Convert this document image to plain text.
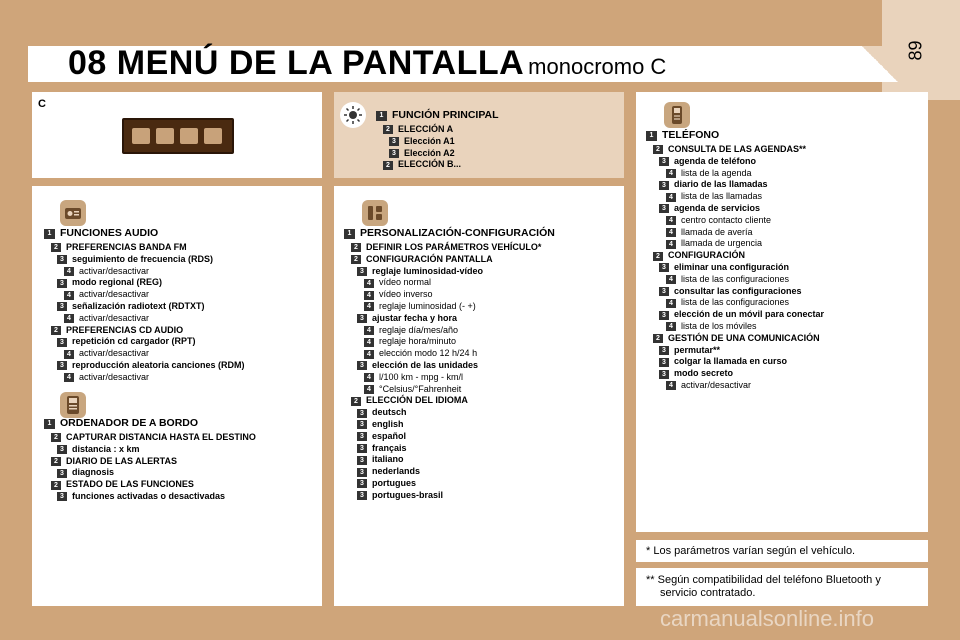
89
08 MENÚ DE LA PANTALLA monocromo C
C
1 FUNCIÓN PRINCIPAL
2 ELECCIÓN A
3 Elección A1
3 Elección A2
2 ELECCIÓN B...
1 FUNCIONES AUDIO
2 PREFERENCIAS BANDA FM
3 seguimiento de frecuencia (RDS)
4 activar/desactivar
3 modo regional (REG)
4 activar/desactivar
3 señalización radiotext (RDTXT)
4 activar/desactivar
2 PREFERENCIAS CD AUDIO
3 repetición cd cargador (RPT)
4 activar/desactivar
3 reproducción aleatoria canciones (RDM)
4 activar/desactivar
1 ORDENADOR DE A BORDO
2 CAPTURAR DISTANCIA HASTA EL DESTINO
3 distancia : x km
2 DIARIO DE LAS ALERTAS
3 diagnosis
2 ESTADO DE LAS FUNCIONES
3 funciones activadas o desactivadas
1 PERSONALIZACIÓN-CONFIGURACIÓN
2 DEFINIR LOS PARÁMETROS VEHÍCULO*
2 CONFIGURACIÓN PANTALLA
3 reglaje luminosidad-vídeo
4 vídeo normal
4 vídeo inverso
4 reglaje luminosidad (- +)
3 ajustar fecha y hora
4 reglaje día/mes/año
4 reglaje hora/minuto
4 elección modo 12 h/24 h
3 elección de las unidades
4 l/100 km - mpg - km/l
4 °Celsius/°Fahrenheit
2 ELECCIÓN DEL IDIOMA
3 deutsch
3 english
3 español
3 français
3 italiano
3 nederlands
3 portugues
3 portugues-brasil
1 TELÉFONO
2 CONSULTA DE LAS AGENDAS**
3 agenda de teléfono
4 lista de la agenda
3 diario de las llamadas
4 lista de las llamadas
3 agenda de servicios
4 centro contacto cliente
4 llamada de avería
4 llamada de urgencia
2 CONFIGURACIÓN
3 eliminar una configuración
4 lista de las configuraciones
3 consultar las configuraciones
4 lista de las configuraciones
3 elección de un móvil para conectar
4 lista de los móviles
2 GESTIÓN DE UNA COMUNICACIÓN
3 permutar**
3 colgar la llamada en curso
3 modo secreto
4 activar/desactivar
* Los parámetros varían según el vehículo.
** Según compatibilidad del teléfono Bluetooth y
servicio contratado.
carmanualsonline.info
